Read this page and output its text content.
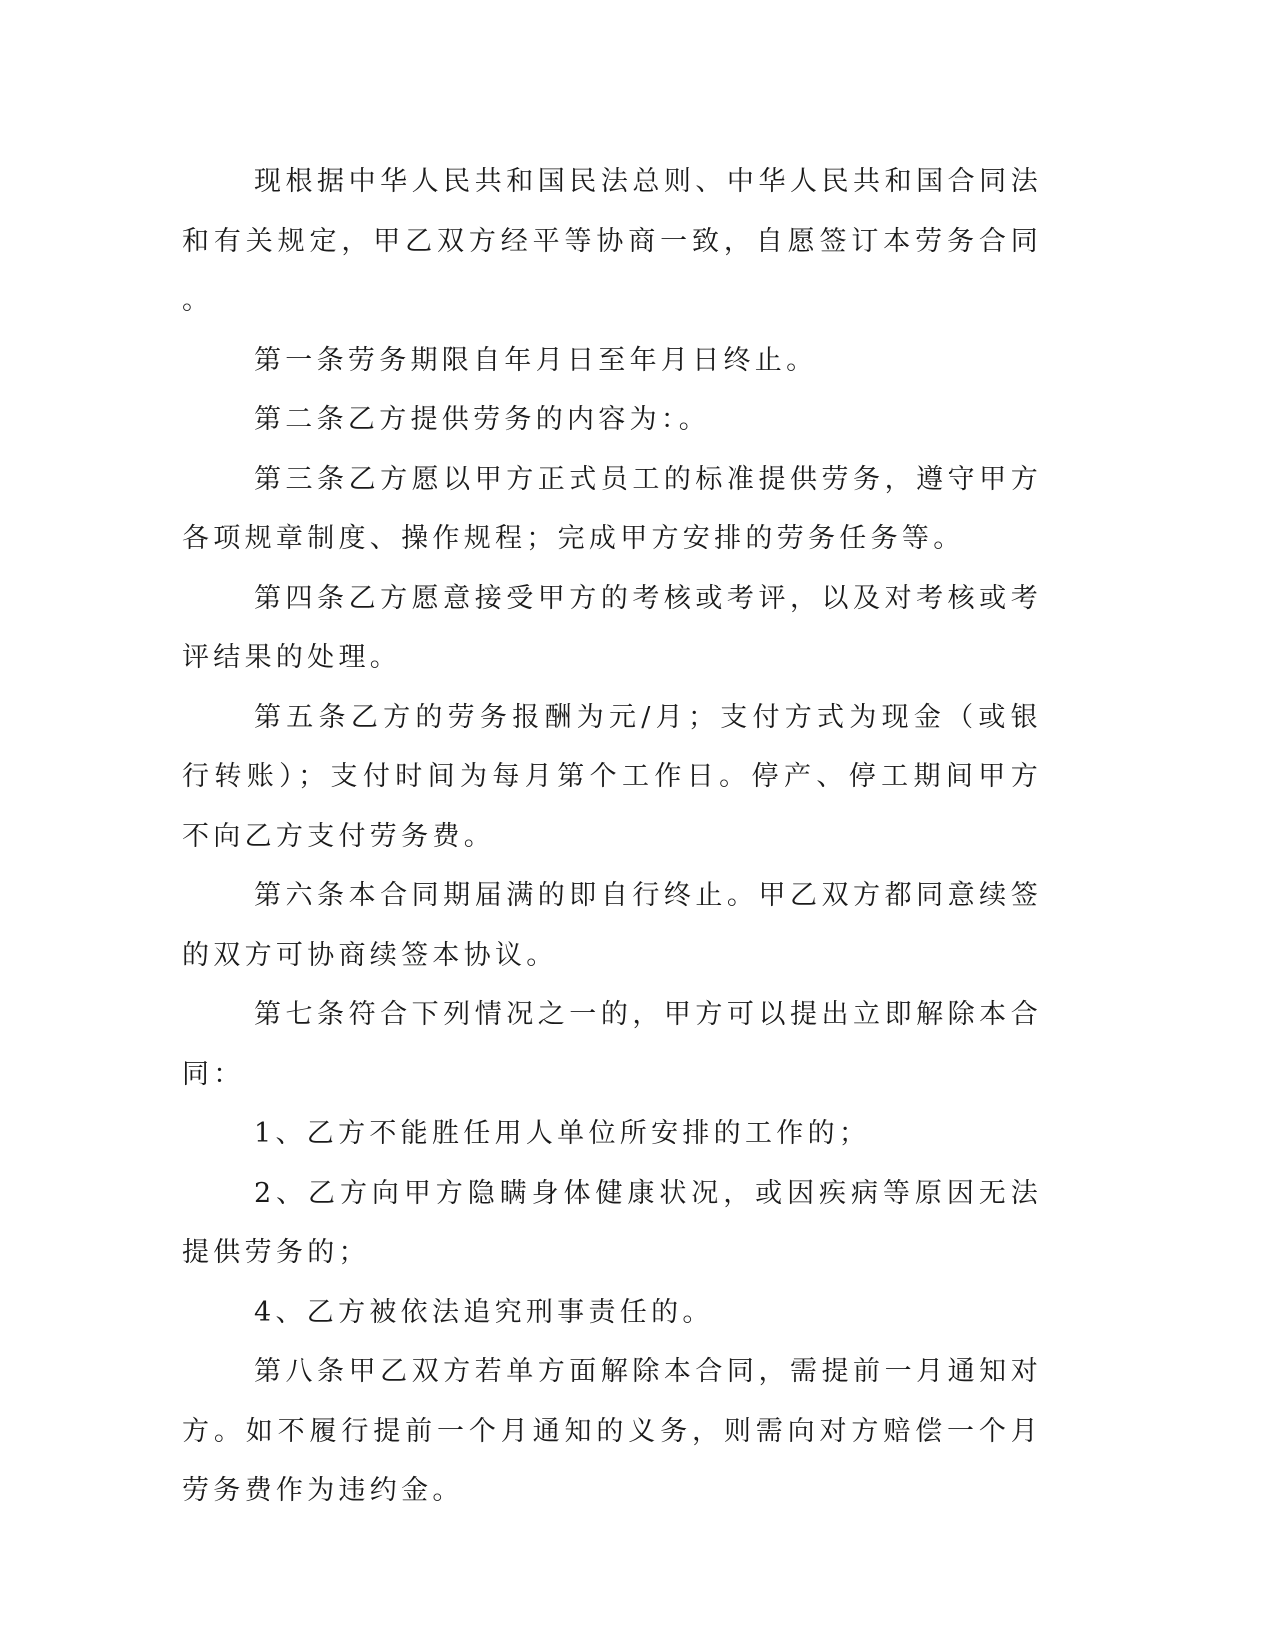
现根据中华人民共和国民法总则、中华人民共和国合同法和有关规定，甲乙双方经平等协商一致，自愿签订本劳务合同。

第一条劳务期限自年月日至年月日终止。

第二条乙方提供劳务的内容为：。

第三条乙方愿以甲方正式员工的标准提供劳务，遵守甲方各项规章制度、操作规程；完成甲方安排的劳务任务等。

第四条乙方愿意接受甲方的考核或考评，以及对考核或考评结果的处理。

第五条乙方的劳务报酬为元/月；支付方式为现金（或银行转账）；支付时间为每月第个工作日。停产、停工期间甲方不向乙方支付劳务费。

第六条本合同期届满的即自行终止。甲乙双方都同意续签的双方可协商续签本协议。

第七条符合下列情况之一的，甲方可以提出立即解除本合同：

1、乙方不能胜任用人单位所安排的工作的；

2、乙方向甲方隐瞒身体健康状况，或因疾病等原因无法提供劳务的；

4、乙方被依法追究刑事责任的。

第八条甲乙双方若单方面解除本合同，需提前一月通知对方。如不履行提前一个月通知的义务，则需向对方赔偿一个月劳务费作为违约金。
